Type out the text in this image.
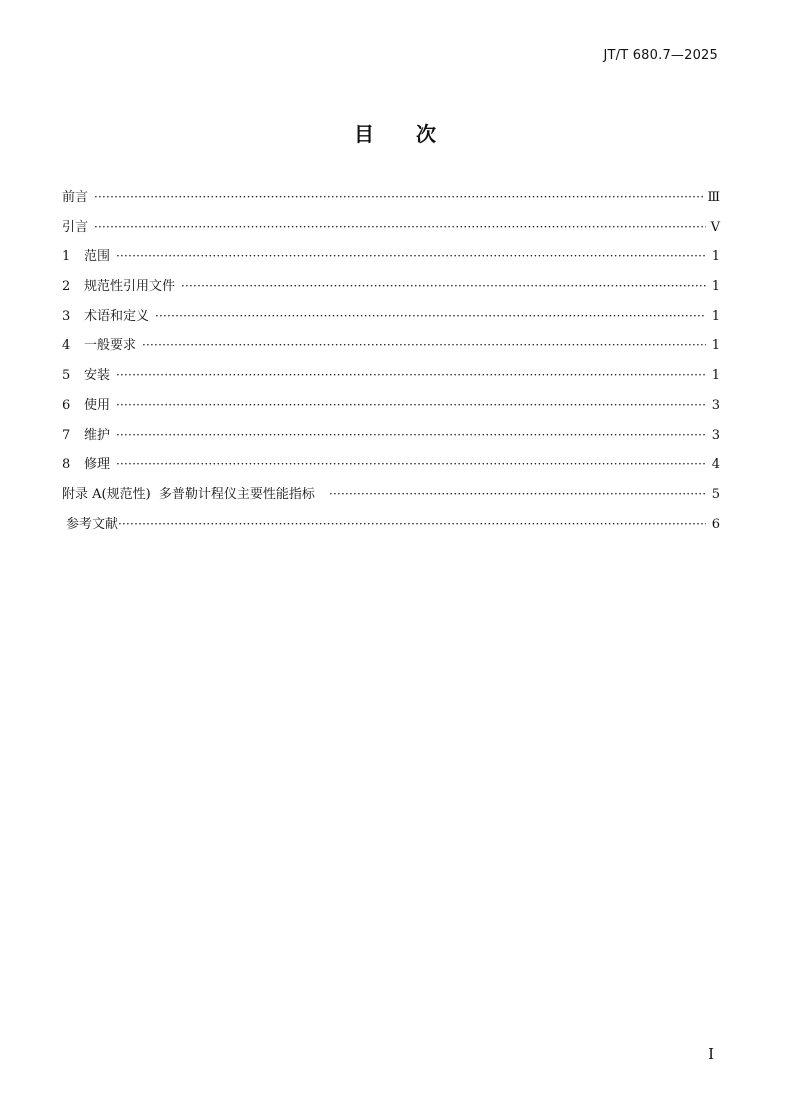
JT/T 680.7—2025
目次
前言 ·····	Ⅲ
引言 ·····	Ⅴ
1 范围 ·····	1
2 规范性引用文件 ·····	1
3 术语和定义 ·····	1
4 一般要求 ·····	1
5 安装 ·····	1
6 使用 ·····	3
7 维护 ·····	3
8 修理 ·····	4
附录 A(规范性)  多普勒计程仪主要性能指标 ·····	5
参考文献 ·····	6
I
